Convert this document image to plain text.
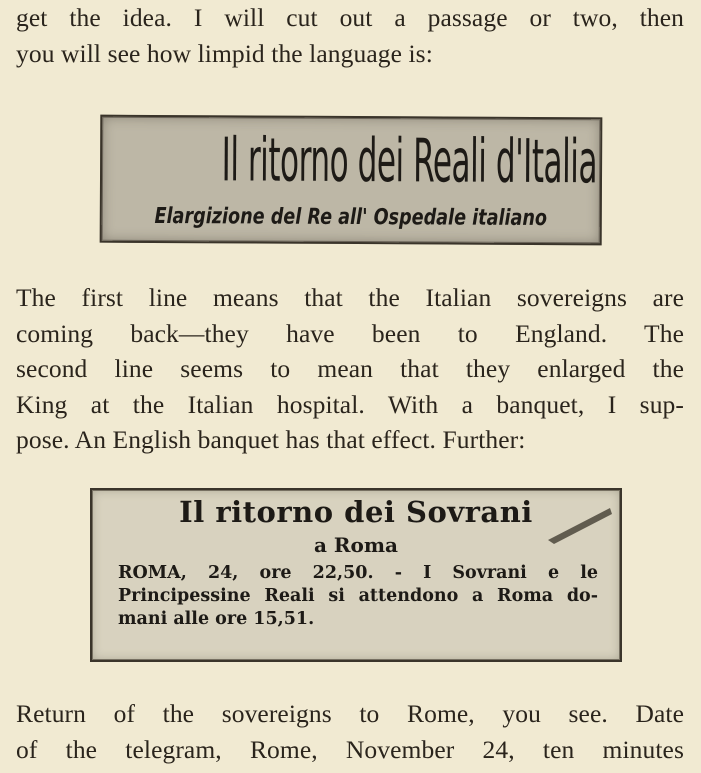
get the idea. I will cut out a passage or two, then
you will see how limpid the language is:

Il ritorno dei Reali d'Italia
Elargizione del Re all' Ospedale italiano

The first line means that the Italian sovereigns are
coming back—they have been to England. The
second line seems to mean that they enlarged the
King at the Italian hospital. With a banquet, I sup-
pose. An English banquet has that effect. Further:

Il ritorno dei Sovrani
a Roma
ROMA, 24, ore 22,50. - I Sovrani e le
Principessine Reali si attendono a Roma do-
mani alle ore 15,51.

Return of the sovereigns to Rome, you see. Date
of the telegram, Rome, November 24, ten minutes
